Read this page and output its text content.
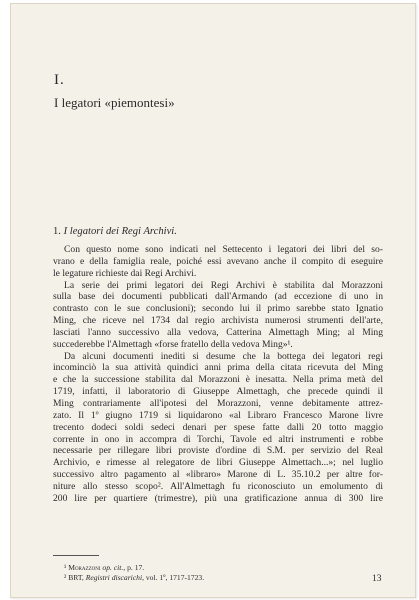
I.
I legatori «piemontesi»
1. I legatori dei Regi Archivi.
Con questo nome sono indicati nel Settecento i legatori dei libri del so-
vrano e della famiglia reale, poiché essi avevano anche il compito di eseguire
le legature richieste dai Regi Archivi.
La serie dei primi legatori dei Regi Archivi è stabilita dal Morazzoni
sulla base dei documenti pubblicati dall'Armando (ad eccezione di uno in
contrasto con le sue conclusioni); secondo lui il primo sarebbe stato Ignatio
Ming, che riceve nel 1734 dal regio archivista numerosi strumenti dell'arte,
lasciati l'anno successivo alla vedova, Catterina Almettagh Ming; al Ming
succederebbe l'Almettagh «forse fratello della vedova Ming»¹.
Da alcuni documenti inediti si desume che la bottega dei legatori regi
incominciò la sua attività quindici anni prima della citata ricevuta del Ming
e che la successione stabilita dal Morazzoni è inesatta. Nella prima metà del
1719, infatti, il laboratorio di Giuseppe Almettagh, che precede quindi il
Ming contrariamente all'ipotesi del Morazzoni, venne debitamente attrez-
zato. Il 1º giugno 1719 si liquidarono «al Libraro Francesco Marone livre
trecento dodeci soldi sedeci denari per spese fatte dalli 20 totto maggio
corrente in ono in accompra di Torchi, Tavole ed altri instrumenti e robbe
necessarie per rillegare libri proviste d'ordine di S.M. per servizio del Real
Archivio, e rimesse al relegatore de libri Giuseppe Almettach...»; nel luglio
successivo altro pagamento al «libraro» Marone di L. 35.10.2 per altre for-
niture allo stesso scopo². All'Almettagh fu riconosciuto un emolumento di
200 lire per quartiere (trimestre), più una gratificazione annua di 300 lire
¹ Morazzoni op. cit., p. 17.
² BRT, Registri discarichi, vol. 1º, 1717-1723.	13
